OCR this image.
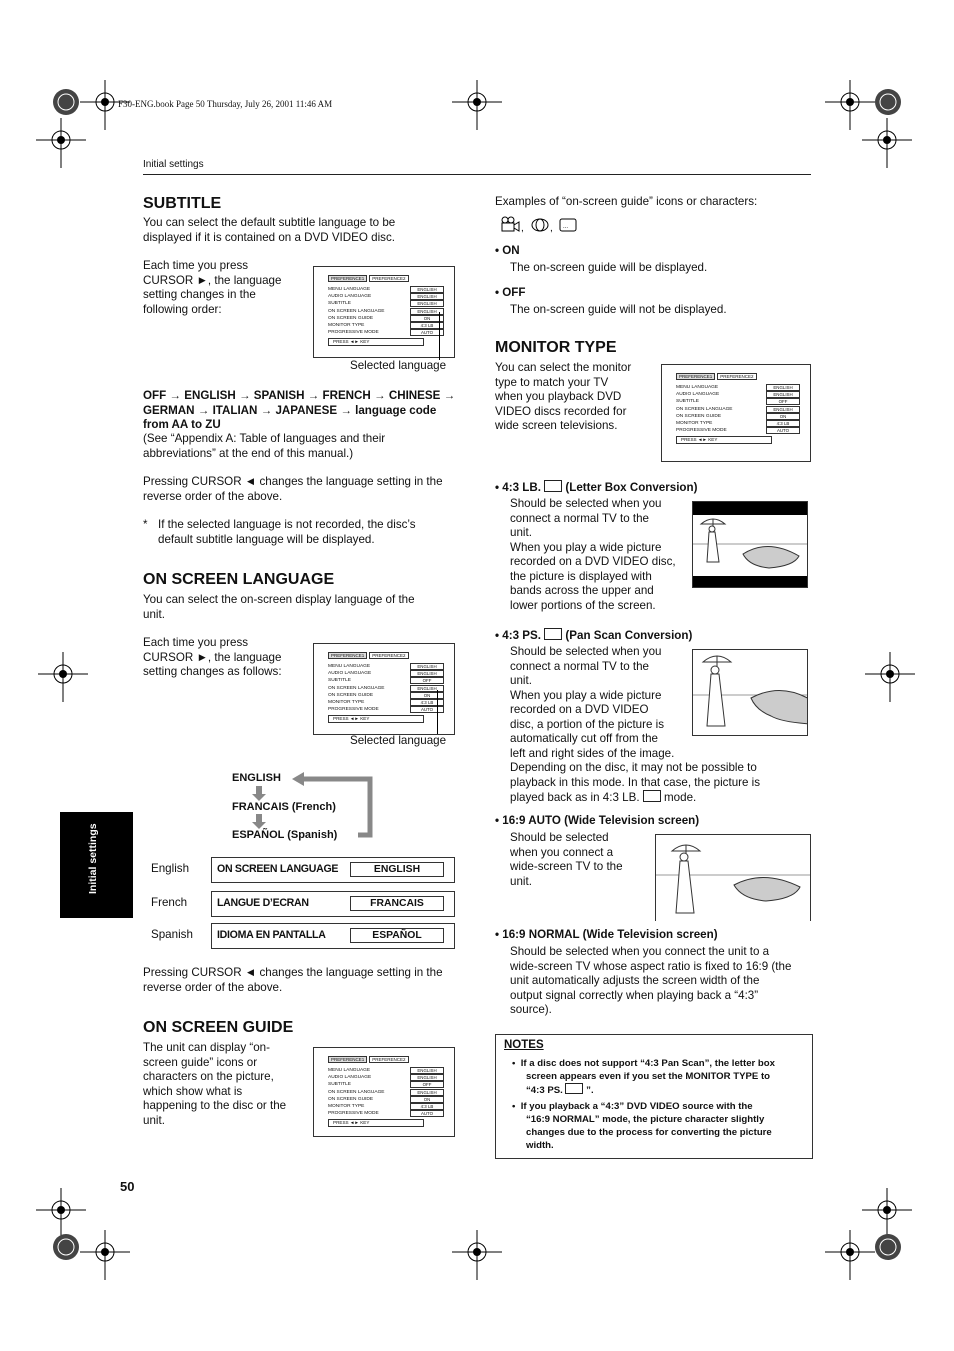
F30-ENG.book Page 50 Thursday, July 26, 2001 11:46 AM
Initial settings
SUBTITLE
You can select the default subtitle language to be
displayed if it is contained on a DVD VIDEO disc.
Each time you press
CURSOR ►, the language
setting changes in the
following order:
PREFERENCE1	PREFERENCE2
MENU LANGUAGE	ENGLISH
AUDIO LANGUAGE	ENGLISH
SUBTITLE	ENGLISH
ON SCREEN LANGUAGE	ENGLISH
ON SCREEN GUIDE	ON
MONITOR TYPE	4:3 LB
PROGRESSIVE MODE	AUTO
PRESS ◄► KEY
Selected language
OFF → ENGLISH → SPANISH → FRENCH → CHINESE →
GERMAN → ITALIAN → JAPANESE → language code
from AA to ZU
(See “Appendix A: Table of languages and their
abbreviations” at the end of this manual.)
Pressing CURSOR ◄ changes the language setting in the
reverse order of the above.
* If the selected language is not recorded, the disc’s
default subtitle language will be displayed.
ON SCREEN LANGUAGE
You can select the on-screen display language of the
unit.
Each time you press
CURSOR ►, the language
setting changes as follows:
PREFERENCE1	PREFERENCE2
MENU LANGUAGE	ENGLISH
AUDIO LANGUAGE	ENGLISH
SUBTITLE	OFF
ON SCREEN LANGUAGE	ENGLISH
ON SCREEN GUIDE	ON
MONITOR TYPE	4:3 LB
PROGRESSIVE MODE	AUTO
PRESS ◄► KEY
Selected language
ENGLISH
FRANCAIS (French)
ESPAÑOL (Spanish)
English	ON SCREEN LANGUAGE	ENGLISH
French	LANGUE D’ECRAN	FRANCAIS
Spanish IDIOMA EN PANTALLA	ESPAÑOL
Initial settings
Pressing CURSOR ◄ changes the language setting in the
reverse order of the above.
ON SCREEN GUIDE
The unit can display “on-
screen guide” icons or
characters on the picture,
which show what is
happening to the disc or the
unit.
PREFERENCE1	PREFERENCE2
MENU LANGUAGE	ENGLISH
AUDIO LANGUAGE	ENGLISH
SUBTITLE	OFF
ON SCREEN LANGUAGE	ENGLISH
ON SCREEN GUIDE	ON
MONITOR TYPE	4:3 LB
PROGRESSIVE MODE	AUTO
PRESS ◄► KEY
50
Examples of “on-screen guide” icons or characters:
,	, ...
• ON
The on-screen guide will be displayed.
• OFF
The on-screen guide will not be displayed.
MONITOR TYPE
You can select the monitor
type to match your TV
when you playback DVD
VIDEO discs recorded for
wide screen televisions.
PREFERENCE1	PREFERENCE2
MENU LANGUAGE	ENGLISH
AUDIO LANGUAGE	ENGLISH
SUBTITLE	OFF
ON SCREEN LANGUAGE	ENGLISH
ON SCREEN GUIDE	ON
MONITOR TYPE	4:3 LB
PROGRESSIVE MODE	AUTO
PRESS ◄► KEY
• 4:3 LB. (Letter Box Conversion)
Should be selected when you
connect a normal TV to the
unit.
When you play a wide picture
recorded on a DVD VIDEO disc,
the picture is displayed with
bands across the upper and
lower portions of the screen.
• 4:3 PS. (Pan Scan Conversion)
Should be selected when you
connect a normal TV to the
unit.
When you play a wide picture
recorded on a DVD VIDEO
disc, a portion of the picture is
automatically cut off from the
left and right sides of the image.
Depending on the disc, it may not be possible to
playback in this mode. In that case, the picture is
played back as in 4:3 LB. mode.
• 16:9 AUTO (Wide Television screen)
Should be selected
when you connect a
wide-screen TV to the
unit.
• 16:9 NORMAL (Wide Television screen)
Should be selected when you connect the unit to a
wide-screen TV whose aspect ratio is fixed to 16:9 (the
unit automatically adjusts the screen width of the
output signal correctly when playing back a “4:3”
source).
NOTES
•  If a disc does not support “4:3 Pan Scan”, the letter box
screen appears even if you set the MONITOR TYPE to
“4:3 PS. ”.
•  If you playback a “4:3” DVD VIDEO source with the
“16:9 NORMAL” mode, the picture character slightly
changes due to the process for converting the picture
width.
